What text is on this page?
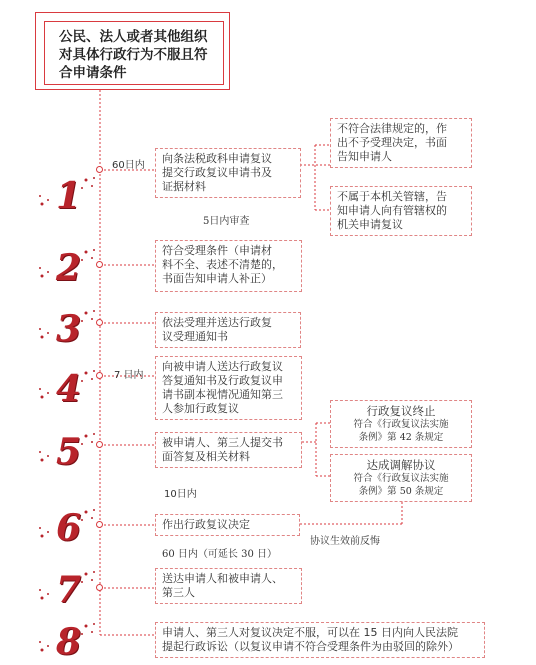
公民、法人或者其他组织
对具体行政行为不服且符
合申请条件
1
2
3
4
5
6
7
8
60日内
5日内审查
7 日内
10日内
60 日内（可延长 30 日）
协议生效前反悔
向条法税政科申请复议
提交行政复议申请书及
证据材料
符合受理条件（申请材
料不全、表述不清楚的，
书面告知申请人补正）
依法受理并送达行政复
议受理通知书
向被申请人送达行政复议
答复通知书及行政复议申
请书副本视情况通知第三
人参加行政复议
被申请人、第三人提交书
面答复及相关材料
作出行政复议决定
送达申请人和被申请人、
第三人
申请人、第三人对复议决定不服，可以在 15 日内向人民法院
提起行政诉讼（以复议申请不符合受理条件为由驳回的除外）
不符合法律规定的，作
出不予受理决定，书面
告知申请人
不属于本机关管辖，告
知申请人向有管辖权的
机关申请复议
行政复议终止
符合《行政复议法实施
条例》第 42 条规定
达成调解协议
符合《行政复议法实施
条例》第 50 条规定
